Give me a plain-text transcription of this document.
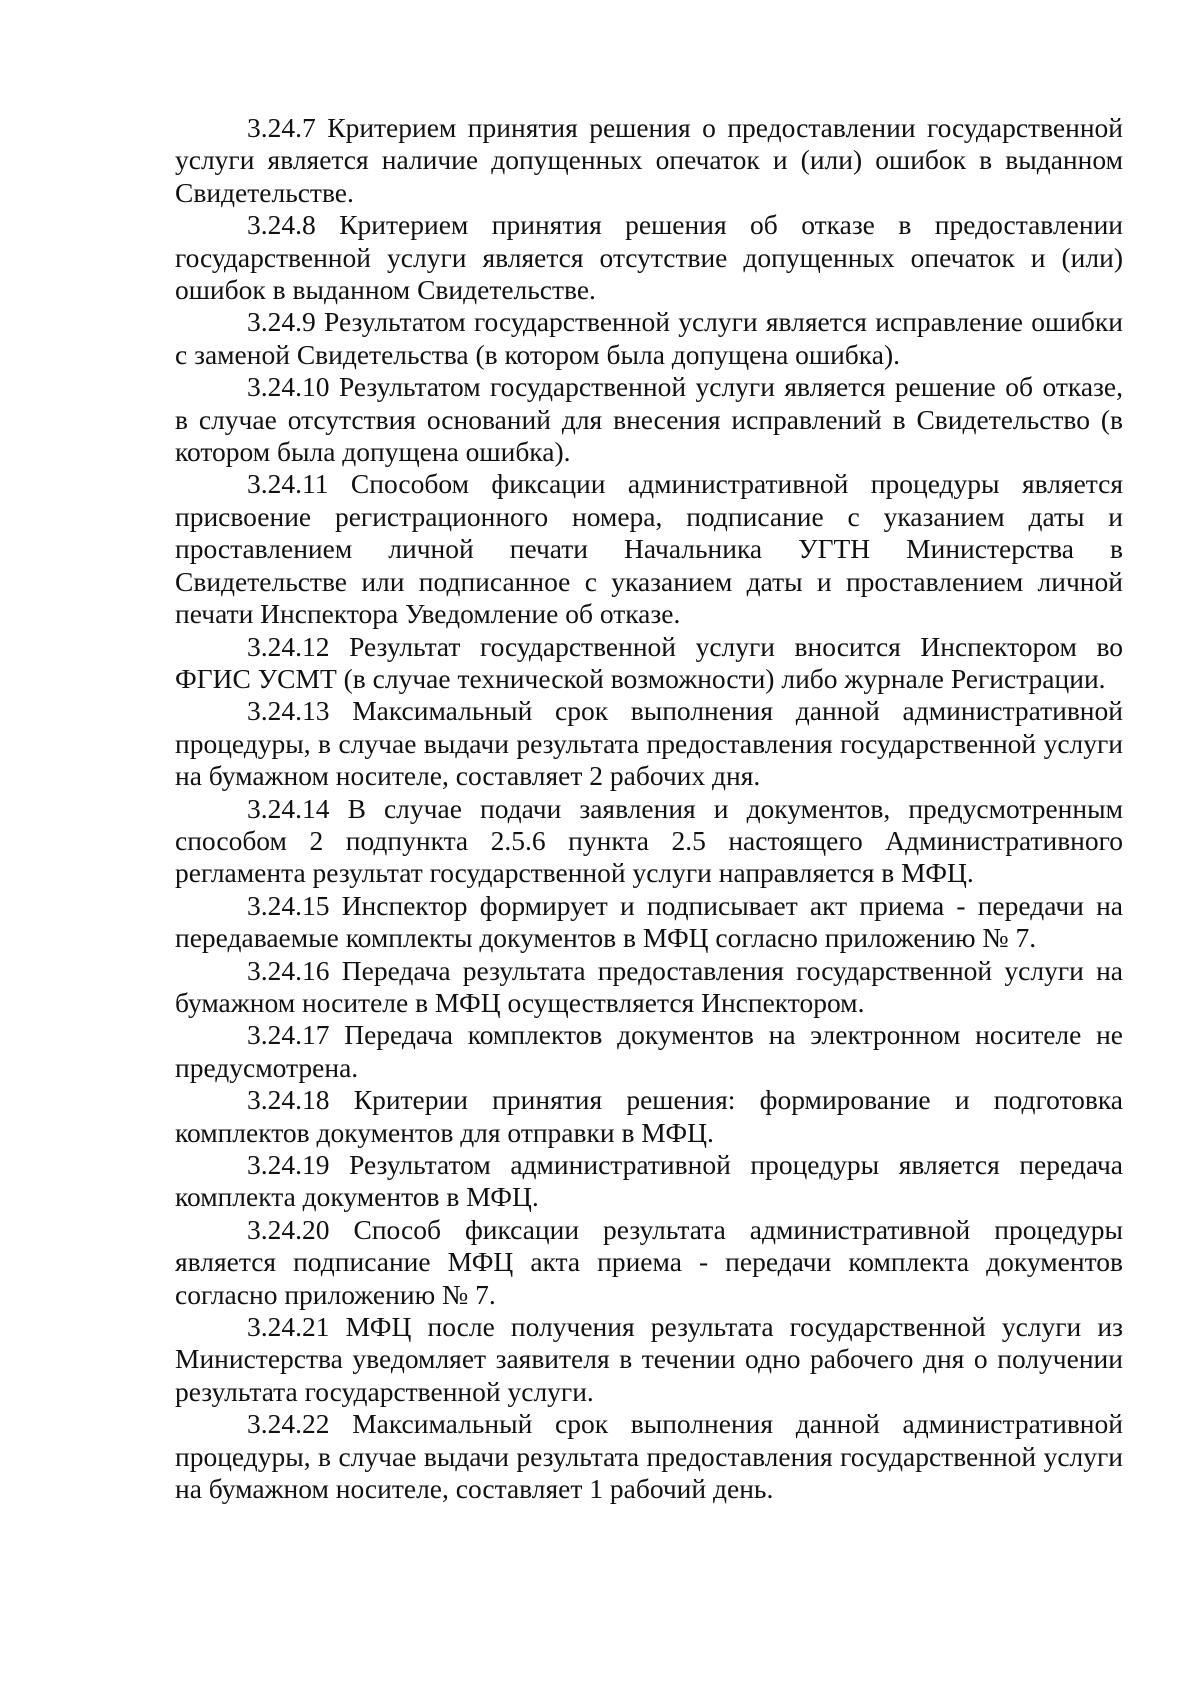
3.24.7 Критерием принятия решения о предоставлении государственной услуги является наличие допущенных опечаток и (или) ошибок в выданном Свидетельстве.

3.24.8 Критерием принятия решения об отказе в предоставлении государственной услуги является отсутствие допущенных опечаток и (или) ошибок в выданном Свидетельстве.

3.24.9 Результатом государственной услуги является исправление ошибки с заменой Свидетельства (в котором была допущена ошибка).

3.24.10 Результатом государственной услуги является решение об отказе, в случае отсутствия оснований для внесения исправлений в Свидетельство (в котором была допущена ошибка).

3.24.11 Способом фиксации административной процедуры является присвоение регистрационного номера, подписание с указанием даты и проставлением личной печати Начальника УГТН Министерства в Свидетельстве или подписанное с указанием даты и проставлением личной печати Инспектора Уведомление об отказе.

3.24.12 Результат государственной услуги вносится Инспектором во ФГИС УСМТ (в случае технической возможности) либо журнале Регистрации.

3.24.13 Максимальный срок выполнения данной административной процедуры, в случае выдачи результата предоставления государственной услуги на бумажном носителе, составляет 2 рабочих дня.

3.24.14 В случае подачи заявления и документов, предусмотренным способом 2 подпункта 2.5.6 пункта 2.5 настоящего Административного регламента результат государственной услуги направляется в МФЦ.

3.24.15 Инспектор формирует и подписывает акт приема - передачи на передаваемые комплекты документов в МФЦ согласно приложению № 7.

3.24.16 Передача результата предоставления государственной услуги на бумажном носителе в МФЦ осуществляется Инспектором.

3.24.17 Передача комплектов документов на электронном носителе не предусмотрена.

3.24.18 Критерии принятия решения: формирование и подготовка комплектов документов для отправки в МФЦ.

3.24.19 Результатом административной процедуры является передача комплекта документов в МФЦ.

3.24.20 Способ фиксации результата административной процедуры является подписание МФЦ акта приема - передачи комплекта документов согласно приложению № 7.

3.24.21 МФЦ после получения результата государственной услуги из Министерства уведомляет заявителя в течении одно рабочего дня о получении результата государственной услуги.

3.24.22 Максимальный срок выполнения данной административной процедуры, в случае выдачи результата предоставления государственной услуги на бумажном носителе, составляет 1 рабочий день.
